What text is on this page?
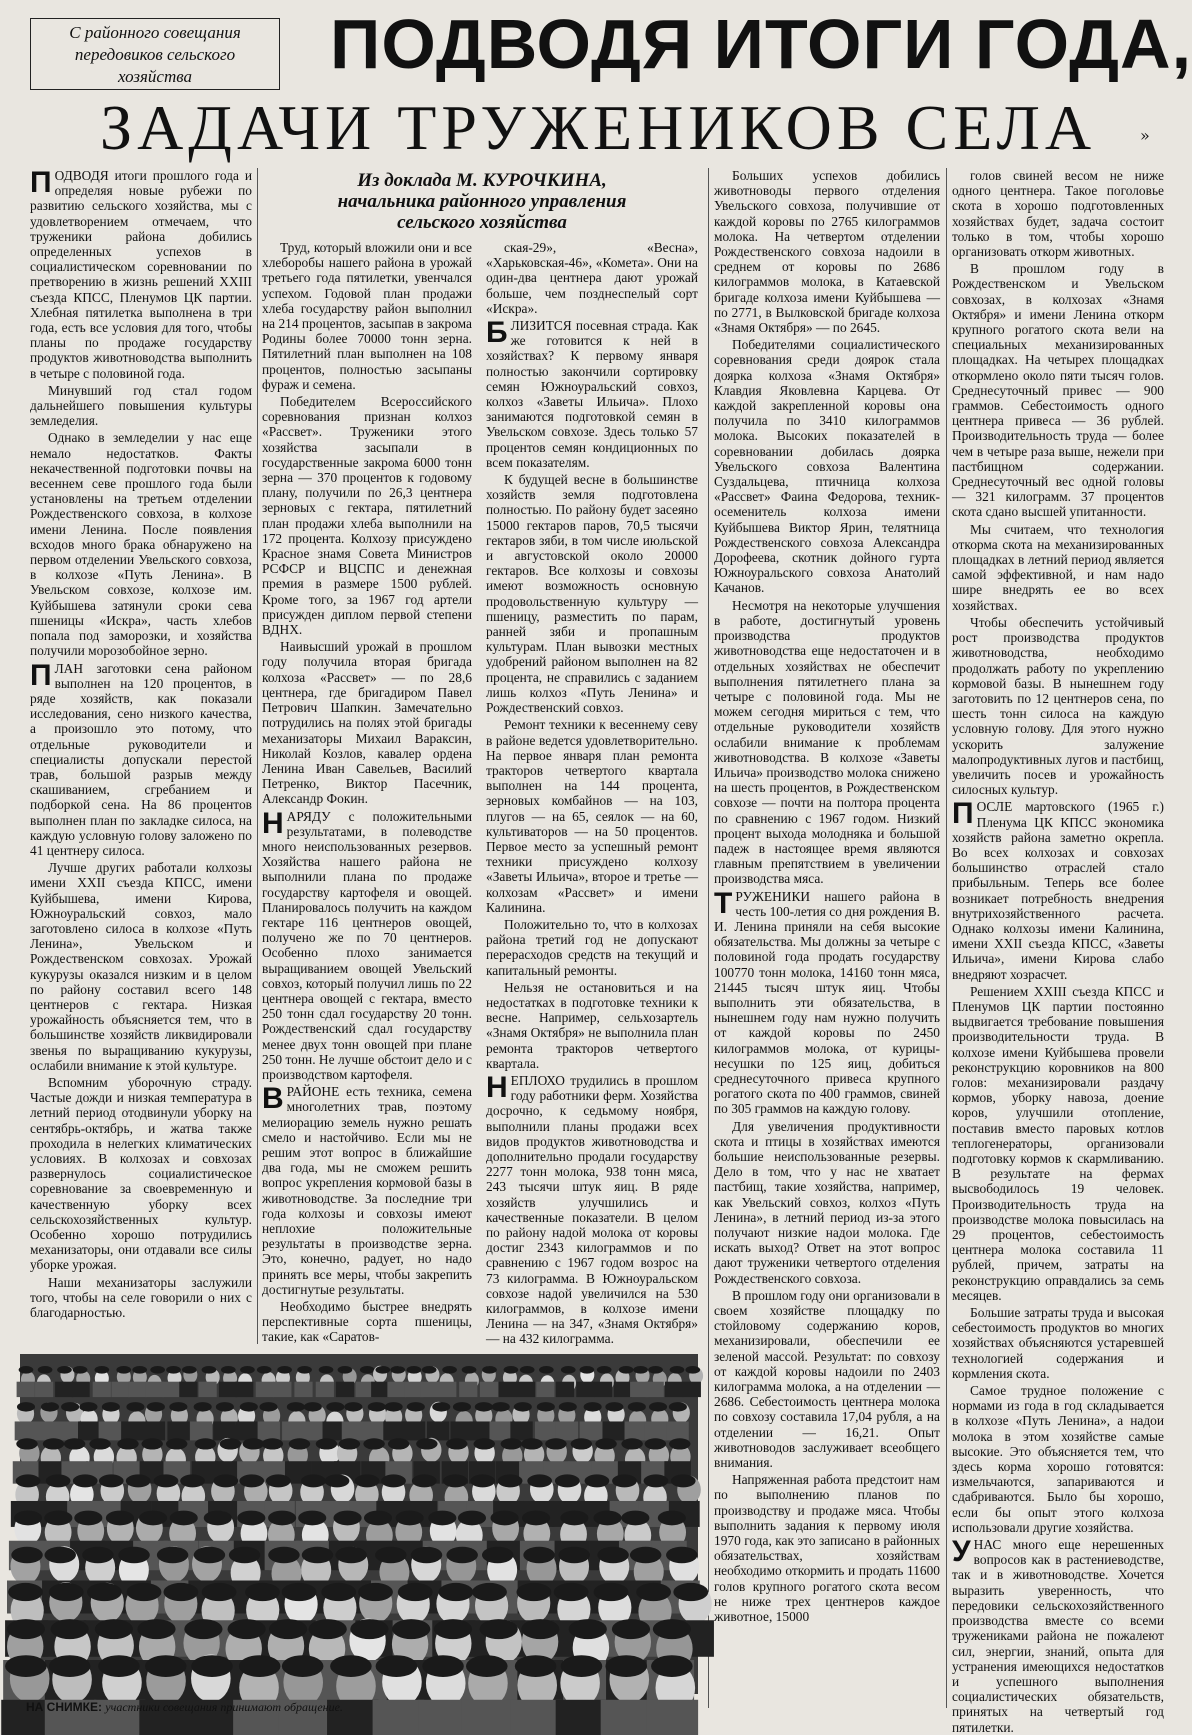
С районного совещания
передовиков сельского
хозяйства	ПОДВОДЯ ИТОГИ ГОДА,
ЗАДАЧИ ТРУЖЕНИКОВ СЕЛА	»
Из доклада М. КУРОЧКИНА,
начальника районного управления
сельского хозяйства

ПОДВОДЯ итоги прошлого года и определяя новые рубежи по развитию сельского хозяйства, мы с удовлетворением отмечаем, что труженики района добились определенных успехов в социалистическом соревновании по претворению в жизнь решений XXIII съезда КПСС, Пленумов ЦК партии. Хлебная пятилетка выполнена в три года, есть все условия для того, чтобы планы по продаже государству продуктов животноводства выполнить в четыре с половиной года.

Минувший год стал годом дальнейшего повышения культуры земледелия.

Однако в земледелии у нас еще немало недостатков. Факты некачественной подготовки почвы на весеннем севе прошлого года были установлены на третьем отделении Рождественского совхоза, в колхозе имени Ленина. После появления всходов много брака обнаружено на первом отделении Увельского совхоза, в колхозе «Путь Ленина». В Увельском совхозе, колхозе им. Куйбышева затянули сроки сева пшеницы «Искра», часть хлебов попала под заморозки, и хозяйства получили морозобойное зерно.

ПЛАН заготовки сена районом выполнен на 120 процентов, в ряде хозяйств, как показали исследования, сено низкого качества, а произошло это потому, что отдельные руководители и специалисты допускали перестой трав, большой разрыв между скашиванием, сгребанием и подборкой сена. На 86 процентов выполнен план по закладке силоса, на каждую условную голову заложено по 41 центнеру силоса.

Лучше других работали колхозы имени XXII съезда КПСС, имени Куйбышева, имени Кирова, Южноуральский совхоз, мало заготовлено силоса в колхозе «Путь Ленина», Увельском и Рождественском совхозах. Урожай кукурузы оказался низким и в целом по району составил всего 148 центнеров с гектара. Низкая урожайность объясняется тем, что в большинстве хозяйств ликвидировали звенья по выращиванию кукурузы, ослабили внимание к этой культуре.

Вспомним уборочную страду. Частые дожди и низкая температура в летний период отодвинули уборку на сентябрь-октябрь, и жатва также проходила в нелегких климатических условиях. В колхозах и совхозах развернулось социалистическое соревнование за своевременную и качественную уборку всех сельскохозяйственных культур. Особенно хорошо потрудились механизаторы, они отдавали все силы уборке урожая.

Наши механизаторы заслужили того, чтобы на селе говорили о них с благодарностью.

Труд, который вложили они и все хлеборобы нашего района в урожай третьего года пятилетки, увенчался успехом. Годовой план продажи хлеба государству район выполнил на 214 процентов, засыпав в закрома Родины более 70000 тонн зерна. Пятилетний план выполнен на 108 процентов, полностью засыпаны фураж и семена.

Победителем Всероссийского соревнования признан колхоз «Рассвет». Труженики этого хозяйства засыпали в государственные закрома 6000 тонн зерна — 370 процентов к годовому плану, получили по 26,3 центнера зерновых с гектара, пятилетний план продажи хлеба выполнили на 172 процента. Колхозу присуждено Красное знамя Совета Министров РСФСР и ВЦСПС и денежная премия в размере 1500 рублей. Кроме того, за 1967 год артели присужден диплом первой степени ВДНХ.

Наивысший урожай в прошлом году получила вторая бригада колхоза «Рассвет» — по 28,6 центнера, где бригадиром Павел Петрович Шапкин. Замечательно потрудились на полях этой бригады механизаторы Михаил Вараксин, Николай Козлов, кавалер ордена Ленина Иван Савельев, Василий Петренко, Виктор Пасечник, Александр Фокин.

НАРЯДУ с положительными результатами, в полеводстве много неиспользованных резервов. Хозяйства нашего района не выполнили плана по продаже государству картофеля и овощей. Планировалось получить на каждом гектаре 116 центнеров овощей, получено же по 70 центнеров. Особенно плохо занимается выращиванием овощей Увельский совхоз, который получил лишь по 22 центнера овощей с гектара, вместо 250 тонн сдал государству 20 тонн. Рождественский сдал государству менее двух тонн овощей при плане 250 тонн. Не лучше обстоит дело и с производством картофеля.

В РАЙОНЕ есть техника, семена многолетних трав, поэтому мелиорацию земель нужно решать смело и настойчиво. Если мы не решим этот вопрос в ближайшие два года, мы не сможем решить вопрос укрепления кормовой базы в животноводстве. За последние три года колхозы и совхозы имеют неплохие положительные результаты в производстве зерна. Это, конечно, радует, но надо принять все меры, чтобы закрепить достигнутые результаты.

Необходимо быстрее внедрять перспективные сорта пшеницы, такие, как «Саратов-

ская-29», «Весна», «Харьковская-46», «Комета». Они на один-два центнера дают урожай больше, чем позднеспелый сорт «Искра».

БЛИЗИТСЯ посевная страда. Как же готовится к ней в хозяйствах? К первому января полностью закончили сортировку семян Южноуральский совхоз, колхоз «Заветы Ильича». Плохо занимаются подготовкой семян в Увельском совхозе. Здесь только 57 процентов семян кондиционных по всем показателям.

К будущей весне в большинстве хозяйств земля подготовлена полностью. По району будет засеяно 15000 гектаров паров, 70,5 тысячи гектаров зяби, в том числе июльской и августовской около 20000 гектаров. Все колхозы и совхозы имеют возможность основную продовольственную культуру — пшеницу, разместить по парам, ранней зяби и пропашным культурам. План вывозки местных удобрений районом выполнен на 82 процента, не справились с заданием лишь колхоз «Путь Ленина» и Рождественский совхоз.

Ремонт техники к весеннему севу в районе ведется удовлетворительно. На первое января план ремонта тракторов четвертого квартала выполнен на 144 процента, зерновых комбайнов — на 103, плугов — на 65, сеялок — на 60, культиваторов — на 50 процентов. Первое место за успешный ремонт техники присуждено колхозу «Заветы Ильича», второе и третье — колхозам «Рассвет» и имени Калинина.

Положительно то, что в колхозах района третий год не допускают перерасходов средств на текущий и капитальный ремонты.

Нельзя не остановиться и на недостатках в подготовке техники к весне. Например, сельхозартель «Знамя Октября» не выполнила план ремонта тракторов четвертого квартала.

НЕПЛОХО трудились в прошлом году работники ферм. Хозяйства досрочно, к седьмому ноября, выполнили планы продажи всех видов продуктов животноводства и дополнительно продали государству 2277 тонн молока, 938 тонн мяса, 243 тысячи штук яиц. В ряде хозяйств улучшились и качественные показатели. В целом по району надой молока от коровы достиг 2343 килограммов и по сравнению с 1967 годом возрос на 73 килограмма. В Южноуральском совхозе надой увеличился на 530 килограммов, в колхозе имени Ленина — на 347, «Знамя Октября» — на 432 килограмма.

Больших успехов добились животноводы первого отделения Увельского совхоза, получившие от каждой коровы по 2765 килограммов молока. На четвертом отделении Рождественского совхоза надоили в среднем от коровы по 2686 килограммов молока, в Катаевской бригаде колхоза имени Куйбышева — по 2771, в Вылковской бригаде колхоза «Знамя Октября» — по 2645.

Победителями социалистического соревнования среди доярок стала доярка колхоза «Знамя Октября» Клавдия Яковлевна Карцева. От каждой закрепленной коровы она получила по 3410 килограммов молока. Высоких показателей в соревновании добилась доярка Увельского совхоза Валентина Суздальцева, птичница колхоза «Рассвет» Фаина Федорова, техник-осеменитель колхоза имени Куйбышева Виктор Ярин, телятница Рождественского совхоза Александра Дорофеева, скотник дойного гурта Южноуральского совхоза Анатолий Качанов.

Несмотря на некоторые улучшения в работе, достигнутый уровень производства продуктов животноводства еще недостаточен и в отдельных хозяйствах не обеспечит выполнения пятилетнего плана за четыре с половиной года. Мы не можем сегодня мириться с тем, что отдельные руководители хозяйств ослабили внимание к проблемам животноводства. В колхозе «Заветы Ильича» производство молока снижено на шесть процентов, в Рождественском совхозе — почти на полтора процента по сравнению с 1967 годом. Низкий процент выхода молодняка и большой падеж в настоящее время являются главным препятствием в увеличении производства мяса.

ТРУЖЕНИКИ нашего района в честь 100-летия со дня рождения В. И. Ленина приняли на себя высокие обязательства. Мы должны за четыре с половиной года продать государству 100770 тонн молока, 14160 тонн мяса, 21445 тысяч штук яиц. Чтобы выполнить эти обязательства, в нынешнем году нам нужно получить от каждой коровы по 2450 килограммов молока, от курицы-несушки по 125 яиц, добиться среднесуточного привеса крупного рогатого скота по 400 граммов, свиней по 305 граммов на каждую голову.

Для увеличения продуктивности скота и птицы в хозяйствах имеются большие неиспользованные резервы. Дело в том, что у нас не хватает пастбищ, такие хозяйства, например, как Увельский совхоз, колхоз «Путь Ленина», в летний период из-за этого получают низкие надои молока. Где искать выход? Ответ на этот вопрос дают труженики четвертого отделения Рождественского совхоза.

В прошлом году они организовали в своем хозяйстве площадку по стойловому содержанию коров, механизировали, обеспечили ее зеленой массой. Результат: по совхозу от каждой коровы надоили по 2403 килограмма молока, а на отделении — 2686. Себестоимость центнера молока по совхозу составила 17,04 рубля, а на отделении — 16,21. Опыт животноводов заслуживает всеобщего внимания.

Напряженная работа предстоит нам по выполнению планов по производству и продаже мяса. Чтобы выполнить задания к первому июля 1970 года, как это записано в районных обязательствах, хозяйствам необходимо откормить и продать 11600 голов крупного рогатого скота весом не ниже трех центнеров каждое животное, 15000

голов свиней весом не ниже одного центнера. Такое поголовье скота в хорошо подготовленных хозяйствах будет, задача состоит только в том, чтобы хорошо организовать откорм животных.

В прошлом году в Рождественском и Увельском совхозах, в колхозах «Знамя Октября» и имени Ленина откорм крупного рогатого скота вели на специальных механизированных площадках. На четырех площадках откормлено около пяти тысяч голов. Среднесуточный привес — 900 граммов. Себестоимость одного центнера привеса — 36 рублей. Производительность труда — более чем в четыре раза выше, нежели при пастбищном содержании. Среднесуточный вес одной головы — 321 килограмм. 37 процентов скота сдано высшей упитанности.

Мы считаем, что технология откорма скота на механизированных площадках в летний период является самой эффективной, и нам надо шире внедрять ее во всех хозяйствах.

Чтобы обеспечить устойчивый рост производства продуктов животноводства, необходимо продолжать работу по укреплению кормовой базы. В нынешнем году заготовить по 12 центнеров сена, по шесть тонн силоса на каждую условную голову. Для этого нужно ускорить залужение малопродуктивных лугов и пастбищ, увеличить посев и урожайность силосных культур.

ПОСЛЕ мартовского (1965 г.) Пленума ЦК КПСС экономика хозяйств района заметно окрепла. Во всех колхозах и совхозах большинство отраслей стало прибыльным. Теперь все более возникает потребность внедрения внутрихозяйственного расчета. Однако колхозы имени Калинина, имени XXII съезда КПСС, «Заветы Ильича», имени Кирова слабо внедряют хозрасчет.

Решением XXIII съезда КПСС и Пленумов ЦК партии постоянно выдвигается требование повышения производительности труда. В колхозе имени Куйбышева провели реконструкцию коровников на 800 голов: механизировали раздачу кормов, уборку навоза, доение коров, улучшили отопление, поставив вместо паровых котлов теплогенераторы, организовали подготовку кормов к скармливанию. В результате на фермах высвободилось 19 человек. Производительность труда на производстве молока повысилась на 29 процентов, себестоимость центнера молока составила 11 рублей, причем, затраты на реконструкцию оправдались за семь месяцев.

Большие затраты труда и высокая себестоимость продуктов во многих хозяйствах объясняются устаревшей технологией содержания и кормления скота.

Самое трудное положение с нормами из года в год складывается в колхозе «Путь Ленина», а надои молока в этом хозяйстве самые высокие. Это объясняется тем, что здесь корма хорошо готовятся: измельчаются, запариваются и сдабриваются. Было бы хорошо, если бы опыт этого колхоза использовали другие хозяйства.

У НАС много еще нерешенных вопросов как в растениеводстве, так и в животноводстве. Хочется выразить уверенность, что передовики сельскохозяйственного производства вместе со всеми тружениками района не пожалеют сил, энергии, знаний, опыта для устранения имеющихся недостатков и успешного выполнения социалистических обязательств, принятых на четвертый год пятилетки.

НА СНИМКЕ: участники совещания принимают обращение.
